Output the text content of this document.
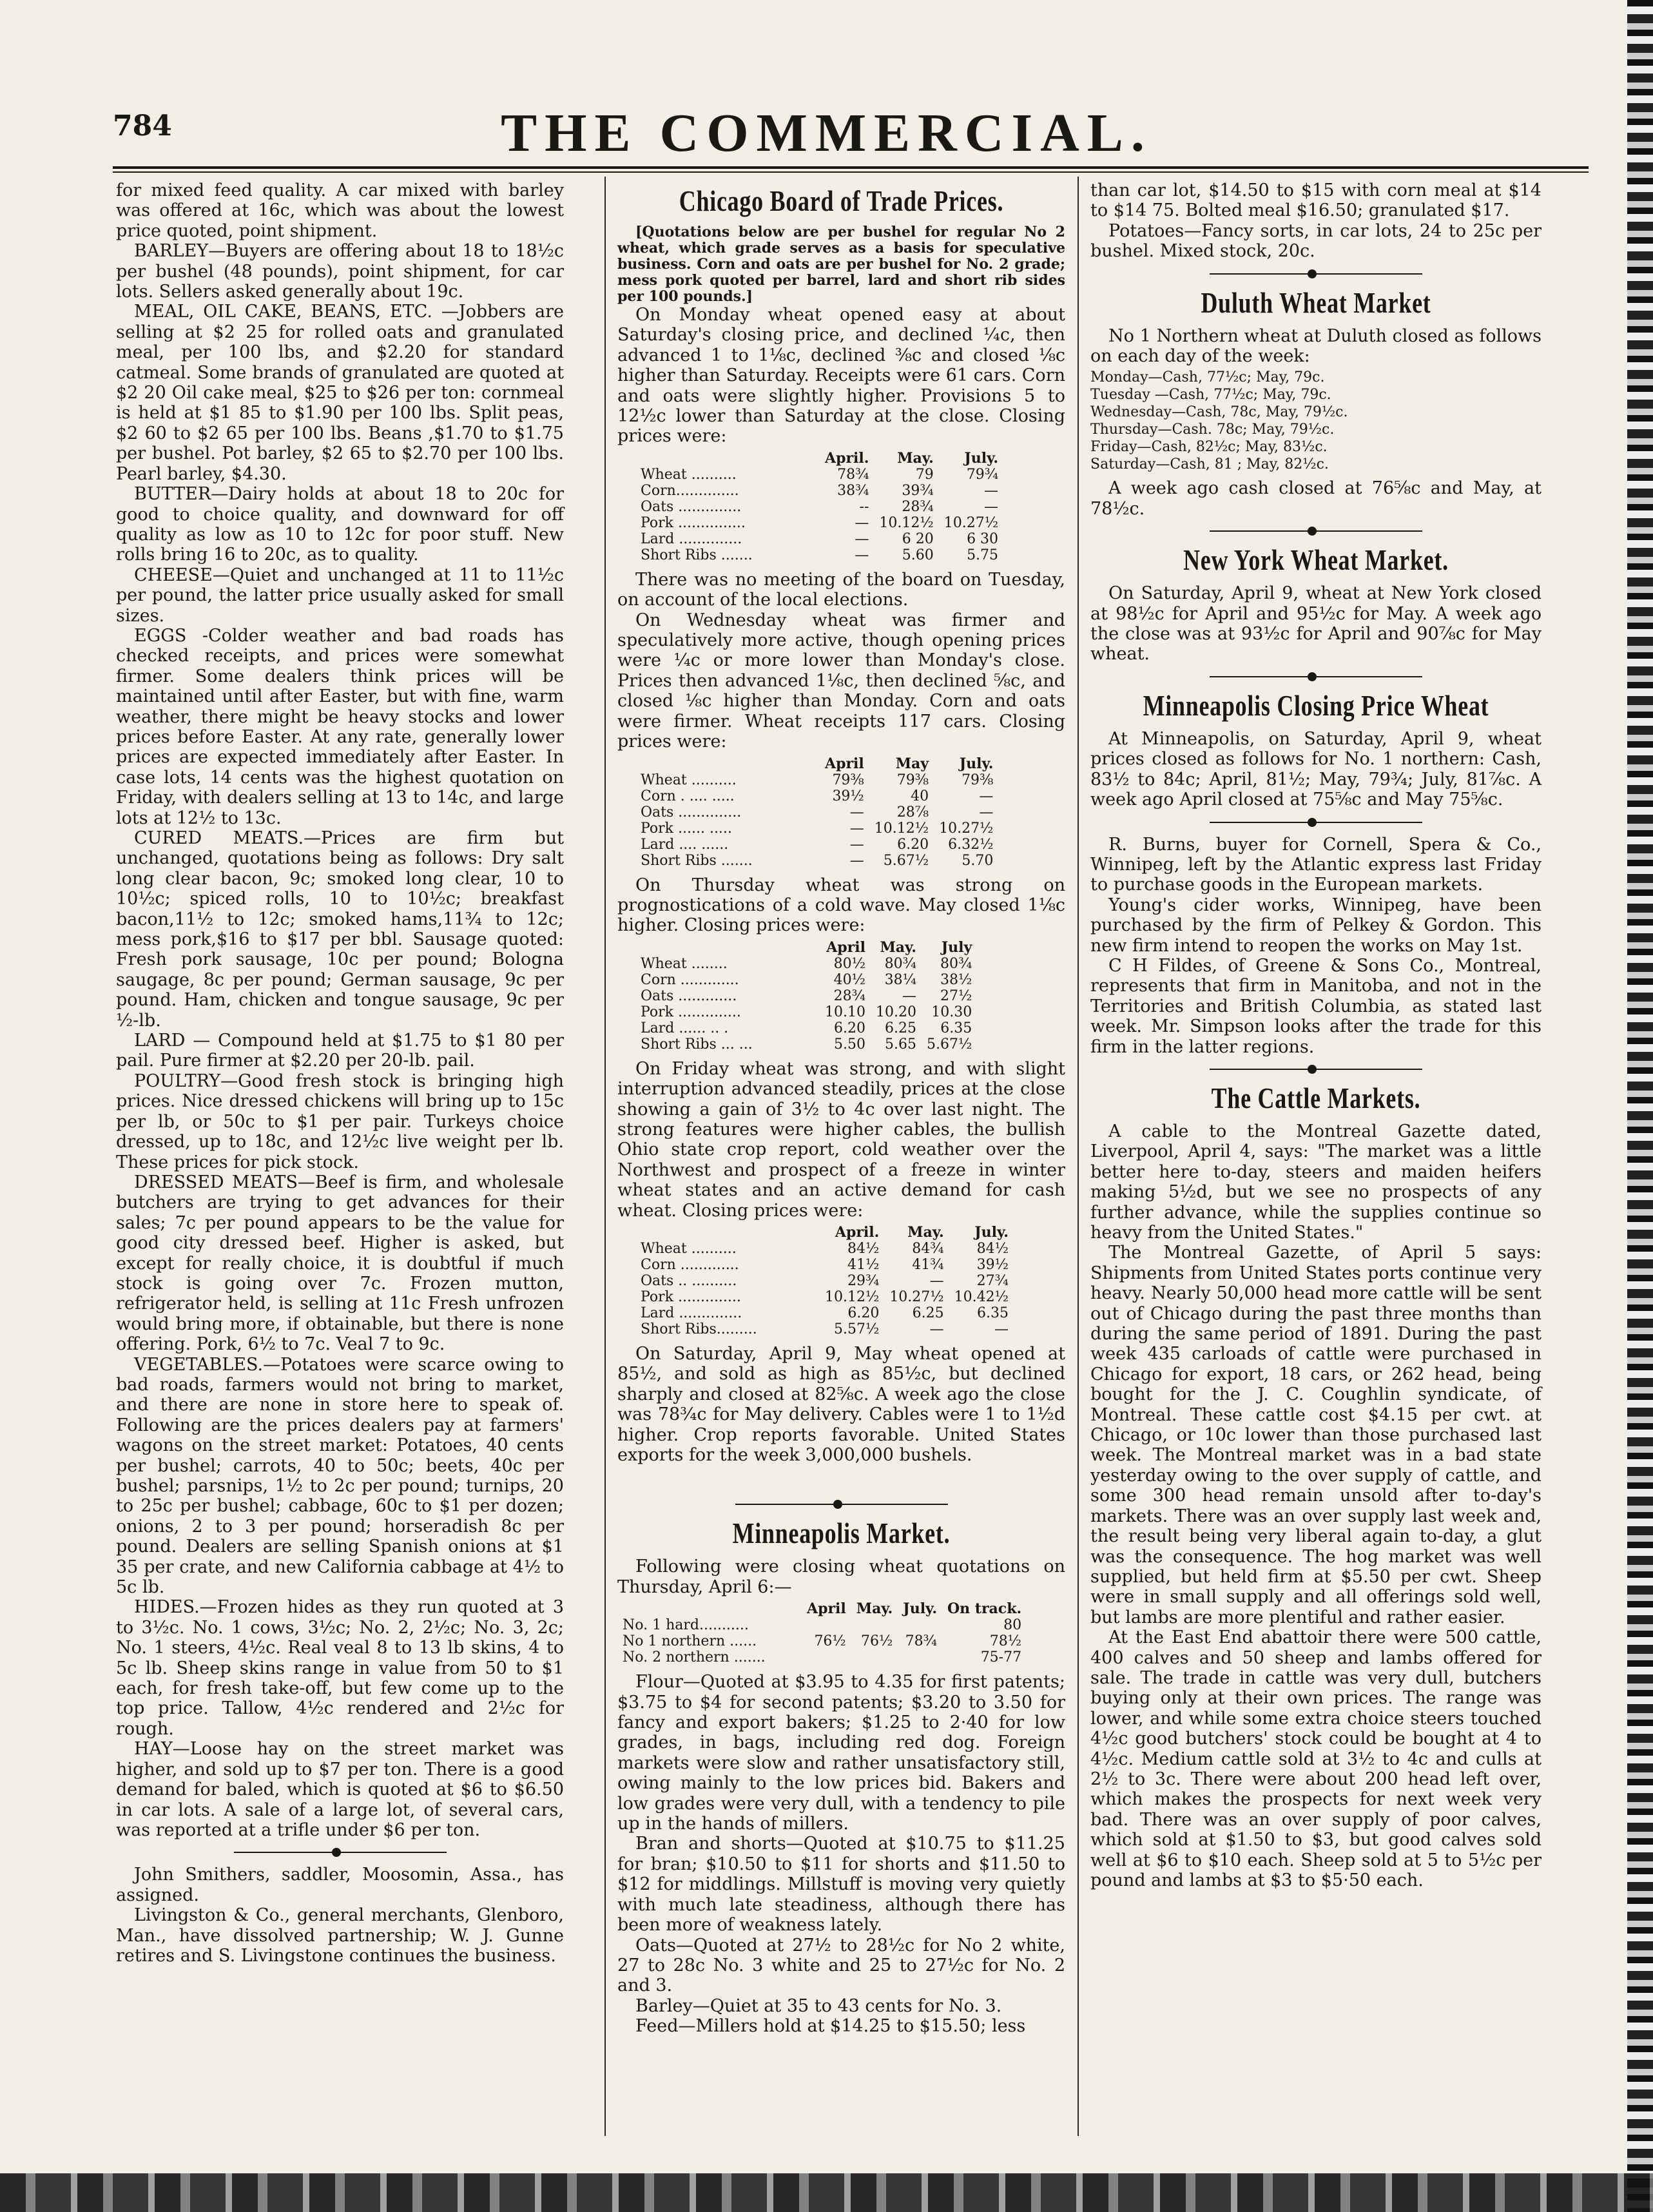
784	THE COMMERCIAL.

for mixed feed quality. A car mixed with barley was offered at 16c, which was about the lowest price quoted, point shipment.

BARLEY—Buyers are offering about 18 to 18½c per bushel (48 pounds), point shipment, for car lots. Sellers asked generally about 19c.

MEAL, OIL CAKE, BEANS, ETC. —Jobbers are selling at $2 25 for rolled oats and granulated meal, per 100 lbs, and $2.20 for standard catmeal. Some brands of granulated are quoted at $2 20 Oil cake meal, $25 to $26 per ton: cornmeal is held at $1 85 to $1.90 per 100 lbs. Split peas, $2 60 to $2 65 per 100 lbs. Beans ,$1.70 to $1.75 per bushel. Pot barley, $2 65 to $2.70 per 100 lbs. Pearl barley, $4.30.

BUTTER—Dairy holds at about 18 to 20c for good to choice quality, and downward for off quality as low as 10 to 12c for poor stuff. New rolls bring 16 to 20c, as to quality.

CHEESE—Quiet and unchanged at 11 to 11½c per pound, the latter price usually asked for small sizes.

EGGS -Colder weather and bad roads has checked receipts, and prices were somewhat firmer. Some dealers think prices will be maintained until after Easter, but with fine, warm weather, there might be heavy stocks and lower prices before Easter. At any rate, generally lower prices are expected immediately after Easter. In case lots, 14 cents was the highest quotation on Friday, with dealers selling at 13 to 14c, and large lots at 12½ to 13c.

CURED MEATS.—Prices are firm but unchanged, quotations being as follows: Dry salt long clear bacon, 9c; smoked long clear, 10 to 10½c; spiced rolls, 10 to 10½c; breakfast bacon,11½ to 12c; smoked hams,11¾ to 12c; mess pork,$16 to $17 per bbl. Sausage quoted: Fresh pork sausage, 10c per pound; Bologna saugage, 8c per pound; German sausage, 9c per pound. Ham, chicken and tongue sausage, 9c per ½-lb.

LARD — Compound held at $1.75 to $1 80 per pail. Pure firmer at $2.20 per 20-lb. pail.

POULTRY—Good fresh stock is bringing high prices. Nice dressed chickens will bring up to 15c per lb, or 50c to $1 per pair. Turkeys choice dressed, up to 18c, and 12½c live weight per lb. These prices for pick stock.

DRESSED MEATS—Beef is firm, and wholesale butchers are trying to get advances for their sales; 7c per pound appears to be the value for good city dressed beef. Higher is asked, but except for really choice, it is doubtful if much stock is going over 7c. Frozen mutton, refrigerator held, is selling at 11c Fresh unfrozen would bring more, if obtainable, but there is none offering. Pork, 6½ to 7c. Veal 7 to 9c.

VEGETABLES.—Potatoes were scarce owing to bad roads, farmers would not bring to market, and there are none in store here to speak of. Following are the prices dealers pay at farmers' wagons on the street market: Potatoes, 40 cents per bushel; carrots, 40 to 50c; beets, 40c per bushel; parsnips, 1½ to 2c per pound; turnips, 20 to 25c per bushel; cabbage, 60c to $1 per dozen; onions, 2 to 3 per pound; horseradish 8c per pound. Dealers are selling Spanish onions at $1 35 per crate, and new California cabbage at 4½ to 5c lb.

HIDES.—Frozen hides as they run quoted at 3 to 3½c. No. 1 cows, 3½c; No. 2, 2½c; No. 3, 2c; No. 1 steers, 4½c. Real veal 8 to 13 lb skins, 4 to 5c lb. Sheep skins range in value from 50 to $1 each, for fresh take-off, but few come up to the top price. Tallow, 4½c rendered and 2½c for rough.

HAY—Loose hay on the street market was higher, and sold up to $7 per ton. There is a good demand for baled, which is quoted at $6 to $6.50 in car lots. A sale of a large lot, of several cars, was reported at a trifle under $6 per ton.

John Smithers, saddler, Moosomin, Assa., has assigned.

Livingston & Co., general merchants, Glenboro, Man., have dissolved partnership; W. J. Gunne retires and S. Livingstone continues the business.

Chicago Board of Trade Prices.

[Quotations below are per bushel for regular No 2 wheat, which grade serves as a basis for speculative business. Corn and oats are per bushel for No. 2 grade; mess pork quoted per barrel, lard and short rib sides per 100 pounds.]

On Monday wheat opened easy at about Saturday's closing price, and declined ¼c, then advanced 1 to 1⅛c, declined ⅜c and closed ⅛c higher than Saturday. Receipts were 61 cars. Corn and oats were slightly higher. Provisions 5 to 12½c lower than Saturday at the close. Closing prices were:

	April.	May.	July.
Wheat ..........	78¾	79	79¾
Corn..............	38¾	39¾	—
Oats ..............	--	28¾	—
Pork ...............	—	10.12½	10.27½
Lard ..............	—	6 20	6 30
Short Ribs .......	—	5.60	5.75

There was no meeting of the board on Tuesday, on account of the local elections.

On Wednesday wheat was firmer and speculatively more active, though opening prices were ¼c or more lower than Monday's close. Prices then advanced 1⅛c, then declined ⅝c, and closed ⅛c higher than Monday. Corn and oats were firmer. Wheat receipts 117 cars. Closing prices were:

	April	May	July.
Wheat ..........	79⅜	79⅜	79⅜
Corn . .... .....	39½	40	—
Oats ..............	—	28⅞	—
Pork ...... .....	—	10.12½	10.27½
Lard .... ......	—	6.20	6.32½
Short Ribs .......	—	5.67½	5.70

On Thursday wheat was strong on prognostications of a cold wave. May closed 1⅛c higher. Closing prices were:

	April	May.	July
Wheat ........	80½	80¾	80¾
Corn .............	40½	38¼	38½
Oats .............	28¾	—	27½
Pork ..............	10.10	10.20	10.30
Lard ...... .. .	6.20	6.25	6.35
Short Ribs ... ...	5.50	5.65	5.67½

On Friday wheat was strong, and with slight interruption advanced steadily, prices at the close showing a gain of 3½ to 4c over last night. The strong features were higher cables, the bullish Ohio state crop report, cold weather over the Northwest and prospect of a freeze in winter wheat states and an active demand for cash wheat. Closing prices were:

	April.	May.	July.
Wheat ..........	84½	84¾	84½
Corn .............	41½	41¾	39½
Oats .. ..........	29¾	—	27¾
Pork ..............	10.12½	10.27½	10.42½
Lard ..............	6.20	6.25	6.35
Short Ribs.........	5.57½	—	—

On Saturday, April 9, May wheat opened at 85½, and sold as high as 85½c, but declined sharply and closed at 82⅝c. A week ago the close was 78¾c for May delivery. Cables were 1 to 1½d higher. Crop reports favorable. United States exports for the week 3,000,000 bushels.

Minneapolis Market.

Following were closing wheat quotations on Thursday, April 6:—

	April	May.	July.	On track.
No. 1 hard...........				80
No 1 northern ......	76½	76½	78¾	78½
No. 2 northern .......				75-77

Flour—Quoted at $3.95 to 4.35 for first patents; $3.75 to $4 for second patents; $3.20 to 3.50 for fancy and export bakers; $1.25 to 2·40 for low grades, in bags, including red dog. Foreign markets were slow and rather unsatisfactory still, owing mainly to the low prices bid. Bakers and low grades were very dull, with a tendency to pile up in the hands of millers.

Bran and shorts—Quoted at $10.75 to $11.25 for bran; $10.50 to $11 for shorts and $11.50 to $12 for middlings. Millstuff is moving very quietly with much late steadiness, although there has been more of weakness lately.

Oats—Quoted at 27½ to 28½c for No 2 white, 27 to 28c No. 3 white and 25 to 27½c for No. 2 and 3.

Barley—Quiet at 35 to 43 cents for No. 3.

Feed—Millers hold at $14.25 to $15.50; less

than car lot, $14.50 to $15 with corn meal at $14 to $14 75. Bolted meal $16.50; granulated $17.

Potatoes—Fancy sorts, in car lots, 24 to 25c per bushel. Mixed stock, 20c.

Duluth Wheat Market

No 1 Northern wheat at Duluth closed as follows on each day of the week:

Monday—Cash, 77½c; May, 79c.
Tuesday —Cash, 77½c; May, 79c.
Wednesday—Cash, 78c, May, 79½c.
Thursday—Cash. 78c; May, 79½c.
Friday—Cash, 82½c; May, 83½c.
Saturday—Cash, 81 ; May, 82½c.

A week ago cash closed at 76⅝c and May, at 78½c.

New York Wheat Market.

On Saturday, April 9, wheat at New York closed at 98½c for April and 95½c for May. A week ago the close was at 93½c for April and 90⅞c for May wheat.

Minneapolis Closing Price Wheat

At Minneapolis, on Saturday, April 9, wheat prices closed as follows for No. 1 northern: Cash, 83½ to 84c; April, 81½; May, 79¾; July, 81⅞c. A week ago April closed at 75⅝c and May 75⅝c.

R. Burns, buyer for Cornell, Spera & Co., Winnipeg, left by the Atlantic express last Friday to purchase goods in the European markets.

Young's cider works, Winnipeg, have been purchased by the firm of Pelkey & Gordon. This new firm intend to reopen the works on May 1st.

C H Fildes, of Greene & Sons Co., Montreal, represents that firm in Manitoba, and not in the Territories and British Columbia, as stated last week. Mr. Simpson looks after the trade for this firm in the latter regions.

The Cattle Markets.

A cable to the Montreal Gazette dated, Liverpool, April 4, says: "The market was a little better here to-day, steers and maiden heifers making 5½d, but we see no prospects of any further advance, while the supplies continue so heavy from the United States."

The Montreal Gazette, of April 5 says: Shipments from United States ports continue very heavy. Nearly 50,000 head more cattle will be sent out of Chicago during the past three months than during the same period of 1891. During the past week 435 carloads of cattle were purchased in Chicago for export, 18 cars, or 262 head, being bought for the J. C. Coughlin syndicate, of Montreal. These cattle cost $4.15 per cwt. at Chicago, or 10c lower than those purchased last week. The Montreal market was in a bad state yesterday owing to the over supply of cattle, and some 300 head remain unsold after to-day's markets. There was an over supply last week and, the result being very liberal again to-day, a glut was the consequence. The hog market was well supplied, but held firm at $5.50 per cwt. Sheep were in small supply and all offerings sold well, but lambs are more plentiful and rather easier.

At the East End abattoir there were 500 cattle, 400 calves and 50 sheep and lambs offered for sale. The trade in cattle was very dull, butchers buying only at their own prices. The range was lower, and while some extra choice steers touched 4½c good butchers' stock could be bought at 4 to 4½c. Medium cattle sold at 3½ to 4c and culls at 2½ to 3c. There were about 200 head left over, which makes the prospects for next week very bad. There was an over supply of poor calves, which sold at $1.50 to $3, but good calves sold well at $6 to $10 each. Sheep sold at 5 to 5½c per pound and lambs at $3 to $5·50 each.
